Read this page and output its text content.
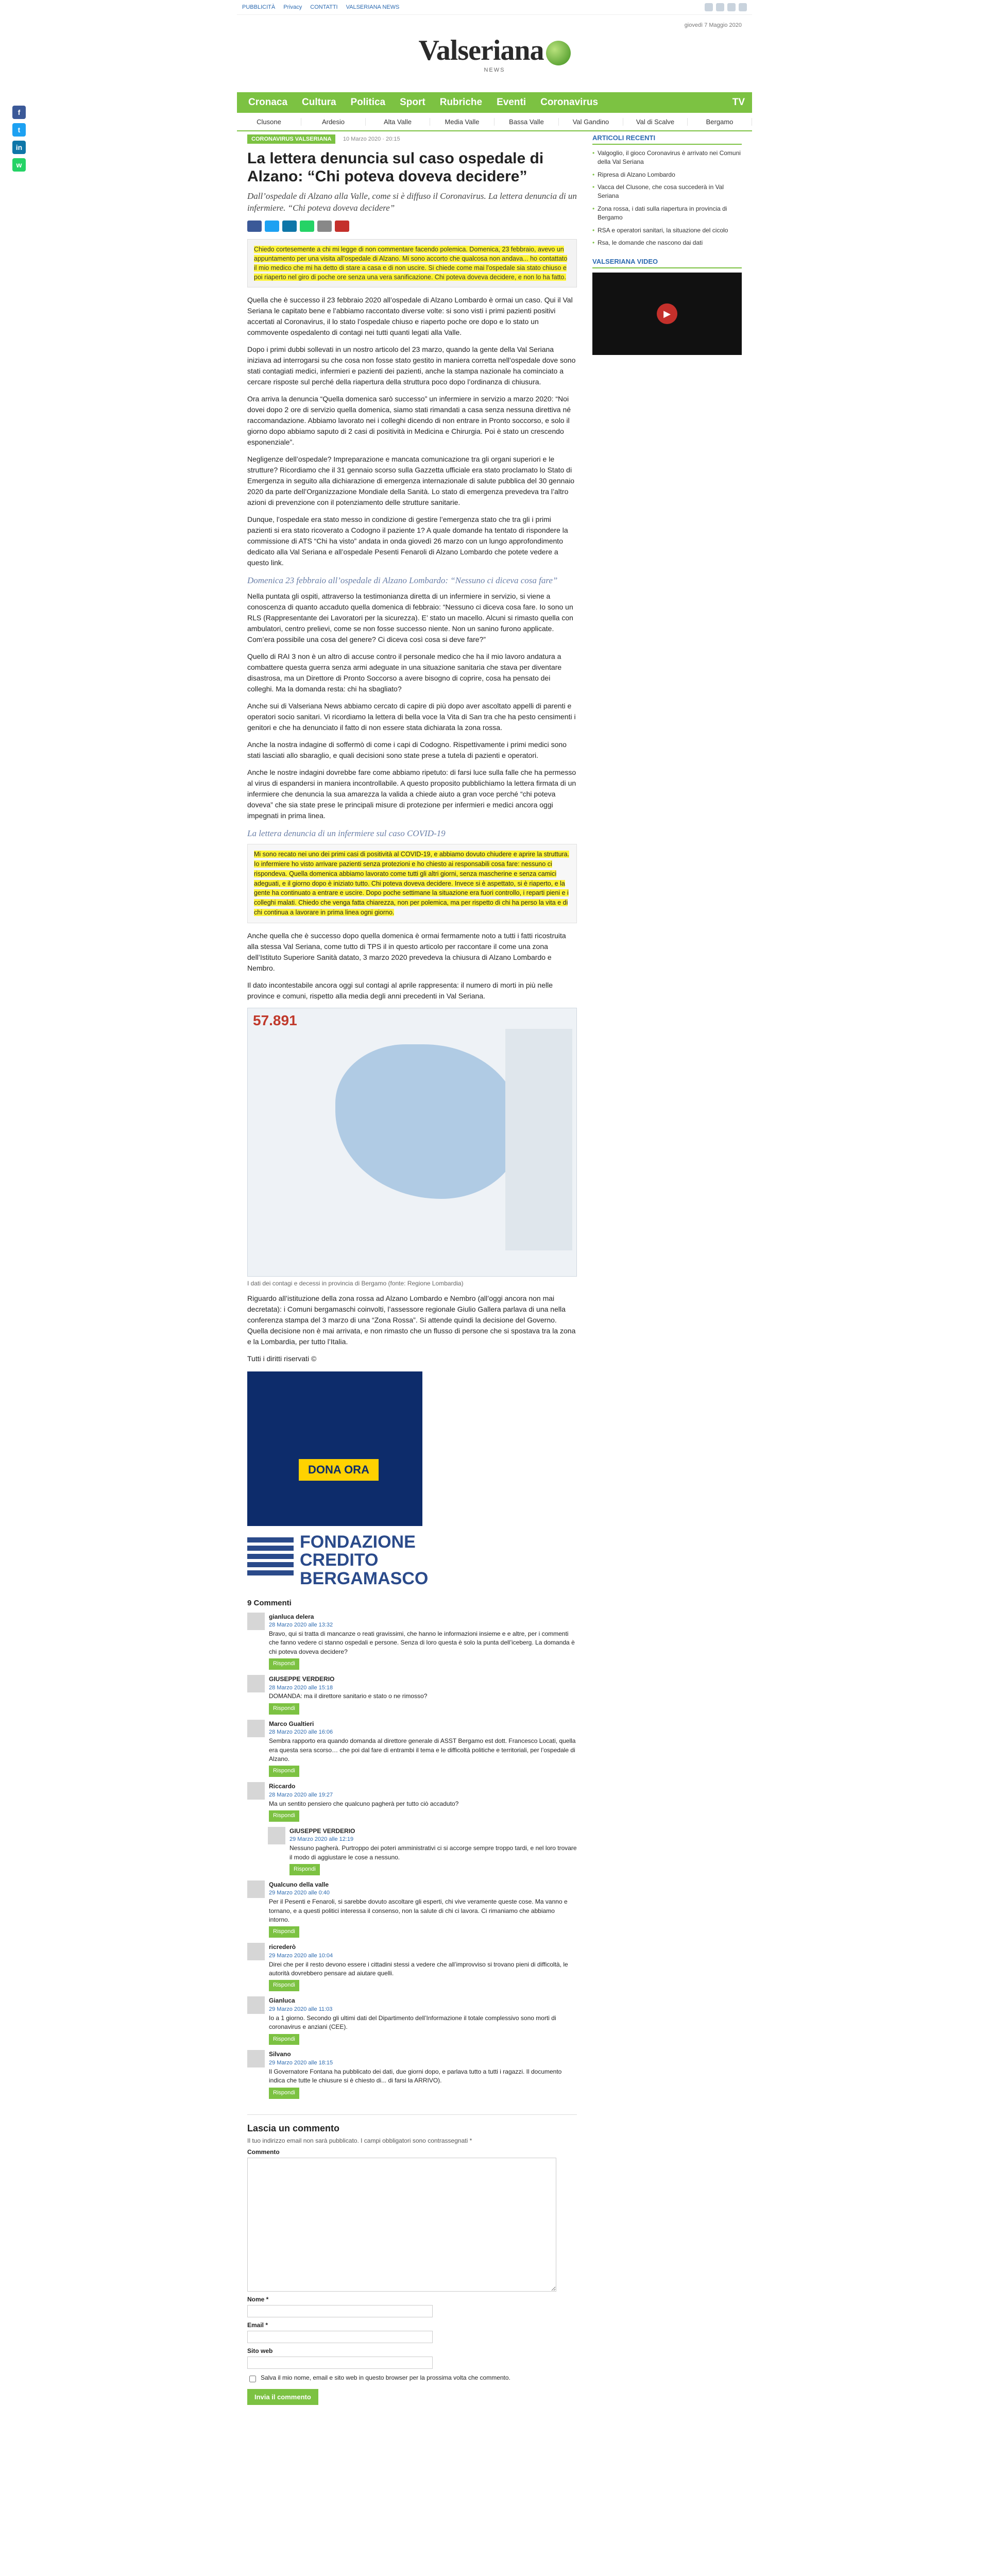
f
t
in
w
PUBBLICITÀ Privacy CONTATTI VALSERIANA NEWS
giovedì 7 Maggio 2020
Valseriana
NEWS
Cronaca	Cultura	Politica	Sport	Rubriche	Eventi	Coronavirus	TV
Clusone	Ardesio	Alta Valle	Media Valle	Bassa Valle	Val Gandino	Val di Scalve	Bergamo
CORONAVIRUS VALSERIANA 10 Marzo 2020 · 20:15
La lettera denuncia sul caso ospedale di Alzano: “Chi poteva doveva decidere”
Dall’ospedale di Alzano alla Valle, come si è diffuso il Coronavirus. La lettera denuncia di un infermiere. “Chi poteva doveva decidere”
Chiedo cortesemente a chi mi legge di non commentare facendo polemica. Domenica, 23 febbraio, avevo un appuntamento per una visita all'ospedale di Alzano. Mi sono accorto che qualcosa non andava... ho contattato il mio medico che mi ha detto di stare a casa e di non uscire. Si chiede come mai l'ospedale sia stato chiuso e poi riaperto nel giro di poche ore senza una vera sanificazione. Chi poteva doveva decidere, e non lo ha fatto.

Quella che è successo il 23 febbraio 2020 all’ospedale di Alzano Lombardo è ormai un caso. Qui il Val Seriana le capitato bene e l’abbiamo raccontato diverse volte: si sono visti i primi pazienti positivi accertati al Coronavirus, il lo stato l’ospedale chiuso e riaperto poche ore dopo e lo stato un commovente ospedalento di contagi nei tutti quanti legati alla Valle.

Dopo i primi dubbi sollevati in un nostro articolo del 23 marzo, quando la gente della Val Seriana iniziava ad interrogarsi su che cosa non fosse stato gestito in maniera corretta nell’ospedale dove sono stati contagiati medici, infermieri e pazienti dei pazienti, anche la stampa nazionale ha cominciato a cercare risposte sul perché della riapertura della struttura poco dopo l’ordinanza di chiusura.

Ora arriva la denuncia “Quella domenica sarò successo” un infermiere in servizio a marzo 2020: “Noi dovei dopo 2 ore di servizio quella domenica, siamo stati rimandati a casa senza nessuna direttiva né raccomandazione. Abbiamo lavorato nei i colleghi dicendo di non entrare in Pronto soccorso, e solo il giorno dopo abbiamo saputo di 2 casi di positività in Medicina e Chirurgia. Poi è stato un crescendo esponenziale”.

Negligenze dell’ospedale? Impreparazione e mancata comunicazione tra gli organi superiori e le strutture? Ricordiamo che il 31 gennaio scorso sulla Gazzetta ufficiale era stato proclamato lo Stato di Emergenza in seguito alla dichiarazione di emergenza internazionale di salute pubblica del 30 gennaio 2020 da parte dell’Organizzazione Mondiale della Sanità. Lo stato di emergenza prevedeva tra l’altro azioni di prevenzione con il potenziamento delle strutture sanitarie.

Dunque, l’ospedale era stato messo in condizione di gestire l’emergenza stato che tra gli i primi pazienti si era stato ricoverato a Codogno il paziente 1? A quale domande ha tentato di rispondere la commissione di ATS “Chi ha visto” andata in onda giovedì 26 marzo con un lungo approfondimento dedicato alla Val Seriana e all’ospedale Pesenti Fenaroli di Alzano Lombardo che potete vedere a questo link.

Domenica 23 febbraio all’ospedale di Alzano Lombardo: “Nessuno ci diceva cosa fare”

Nella puntata gli ospiti, attraverso la testimonianza diretta di un infermiere in servizio, si viene a conoscenza di quanto accaduto quella domenica di febbraio: “Nessuno ci diceva cosa fare. Io sono un RLS (Rappresentante dei Lavoratori per la sicurezza). E’ stato un macello. Alcuni si rimasto quella con ambulatori, centro prelievi, come se non fosse successo niente. Non un sanino furono applicate. Com’era possibile una cosa del genere? Ci diceva così cosa si deve fare?”

Quello di RAI 3 non è un altro di accuse contro il personale medico che ha il mio lavoro andatura a combattere questa guerra senza armi adeguate in una situazione sanitaria che stava per diventare disastrosa, ma un Direttore di Pronto Soccorso a avere bisogno di coprire, cosa ha pensato dei colleghi. Ma la domanda resta: chi ha sbagliato?

Anche sui di Valseriana News abbiamo cercato di capire di più dopo aver ascoltato appelli di parenti e operatori socio sanitari. Vi ricordiamo la lettera di bella voce la Vita di San tra che ha pesto censimenti i genitori e che ha denunciato il fatto di non essere stata dichiarata la zona rossa.

Anche la nostra indagine di soffermò di come i capi di Codogno. Rispettivamente i primi medici sono stati lasciati allo sbaraglio, e quali decisioni sono state prese a tutela di pazienti e operatori.

Anche le nostre indagini dovrebbe fare come abbiamo ripetuto: di farsi luce sulla falle che ha permesso al virus di espandersi in maniera incontrollabile. A questo proposito pubblichiamo la lettera firmata di un infermiere che denuncia la sua amarezza la valida a chiede aiuto a gran voce perché “chi poteva doveva” che sia state prese le principali misure di protezione per infermieri e medici ancora oggi impegnati in prima linea.

La lettera denuncia di un infermiere sul caso COVID-19
Mi sono recato nei uno dei primi casi di positività al COVID-19, e abbiamo dovuto chiudere e aprire la struttura. Io infermiere ho visto arrivare pazienti senza protezioni e ho chiesto ai responsabili cosa fare: nessuno ci rispondeva. Quella domenica abbiamo lavorato come tutti gli altri giorni, senza mascherine e senza camici adeguati, e il giorno dopo è iniziato tutto. Chi poteva doveva decidere. Invece si è aspettato, si è riaperto, e la gente ha continuato a entrare e uscire. Dopo poche settimane la situazione era fuori controllo, i reparti pieni e i colleghi malati. Chiedo che venga fatta chiarezza, non per polemica, ma per rispetto di chi ha perso la vita e di chi continua a lavorare in prima linea ogni giorno.

Anche quella che è successo dopo quella domenica è ormai fermamente noto a tutti i fatti ricostruita alla stessa Val Seriana, come tutto di TPS il in questo articolo per raccontare il come una zona dell’Istituto Superiore Sanità datato, 3 marzo 2020 prevedeva la chiusura di Alzano Lombardo e Nembro.

Il dato incontestabile ancora oggi sul contagi al aprile rappresenta: il numero di morti in più nelle province e comuni, rispetto alla media degli anni precedenti in Val Seriana.

57.891
I dati dei contagi e decessi in provincia di Bergamo (fonte: Regione Lombardia)

Riguardo all’istituzione della zona rossa ad Alzano Lombardo e Nembro (all’oggi ancora non mai decretata): i Comuni bergamaschi coinvolti, l’assessore regionale Giulio Gallera parlava di una nella conferenza stampa del 3 marzo di una “Zona Rossa”. Si attende quindi la decisione del Governo. Quella decisione non è mai arrivata, e non rimasto che un flusso di persone che si spostava tra la zona e la Lombardia, per tutto l’Italia.

Tutti i diritti riservati ©

DONA ORA
FONDAZIONE
CREDITO
BERGAMASCO
9 Commenti
gianluca delera
28 Marzo 2020 alle 13:32
Bravo, qui si tratta di mancanze o reati gravissimi, che hanno le informazioni insieme e e altre, per i commenti che fanno vedere ci stanno ospedali e persone. Senza di loro questa è solo la punta dell’iceberg. La domanda è chi poteva doveva decidere?
Rispondi
GIUSEPPE VERDERIO
28 Marzo 2020 alle 15:18
DOMANDA: ma il direttore sanitario e stato o ne rimosso?
Rispondi
Marco Gualtieri
28 Marzo 2020 alle 16:06
Sembra rapporto era quando domanda al direttore generale di ASST Bergamo est dott. Francesco Locati, quella era questa sera scorso… che poi dal fare di entrambi il tema e le difficoltà politiche e territoriali, per l’ospedale di Alzano.
Rispondi
Riccardo
28 Marzo 2020 alle 19:27
Ma un sentito pensiero che qualcuno pagherà per tutto ciò accaduto?
Rispondi
GIUSEPPE VERDERIO
29 Marzo 2020 alle 12:19
Nessuno pagherà. Purtroppo dei poteri amministrativi ci si accorge sempre troppo tardi, e nel loro trovare il modo di aggiustare le cose a nessuno.
Rispondi
Qualcuno della valle
29 Marzo 2020 alle 0:40
Per il Pesenti e Fenaroli, si sarebbe dovuto ascoltare gli esperti, chi vive veramente queste cose. Ma vanno e tornano, e a questi politici interessa il consenso, non la salute di chi ci lavora. Ci rimaniamo che abbiamo intorno.
Rispondi
ricrederò
29 Marzo 2020 alle 10:04
Direi che per il resto devono essere i cittadini stessi a vedere che all’improvviso si trovano pieni di difficoltà, le autorità dovrebbero pensare ad aiutare quelli.
Rispondi
Gianluca
29 Marzo 2020 alle 11:03
Io a 1 giorno. Secondo gli ultimi dati del Dipartimento dell’Informazione il totale complessivo sono morti di coronavirus e anziani (CEE).
Rispondi
Silvano
29 Marzo 2020 alle 18:15
Il Governatore Fontana ha pubblicato dei dati, due giorni dopo, e parlava tutto a tutti i ragazzi. Il documento indica che tutte le chiusure si è chiesto di... di farsi la ARRIVO).
Rispondi
Lascia un commento
Il tuo indirizzo email non sarà pubblicato. I campi obbligatori sono contrassegnati *
Commento
Nome *
Email *
Sito web
Salva il mio nome, email e sito web in questo browser per la prossima volta che commento.
Invia il commento
ARTICOLI RECENTI
• Valgoglio, il gioco Coronavirus è arrivato nei Comuni della Val Seriana
• Ripresa di Alzano Lombardo
• Vacca del Clusone, che cosa succederà in Val Seriana
• Zona rossa, i dati sulla riapertura in provincia di Bergamo
• RSA e operatori sanitari, la situazione del cicolo
• Rsa, le domande che nascono dai dati
VALSERIANA VIDEO
▶
